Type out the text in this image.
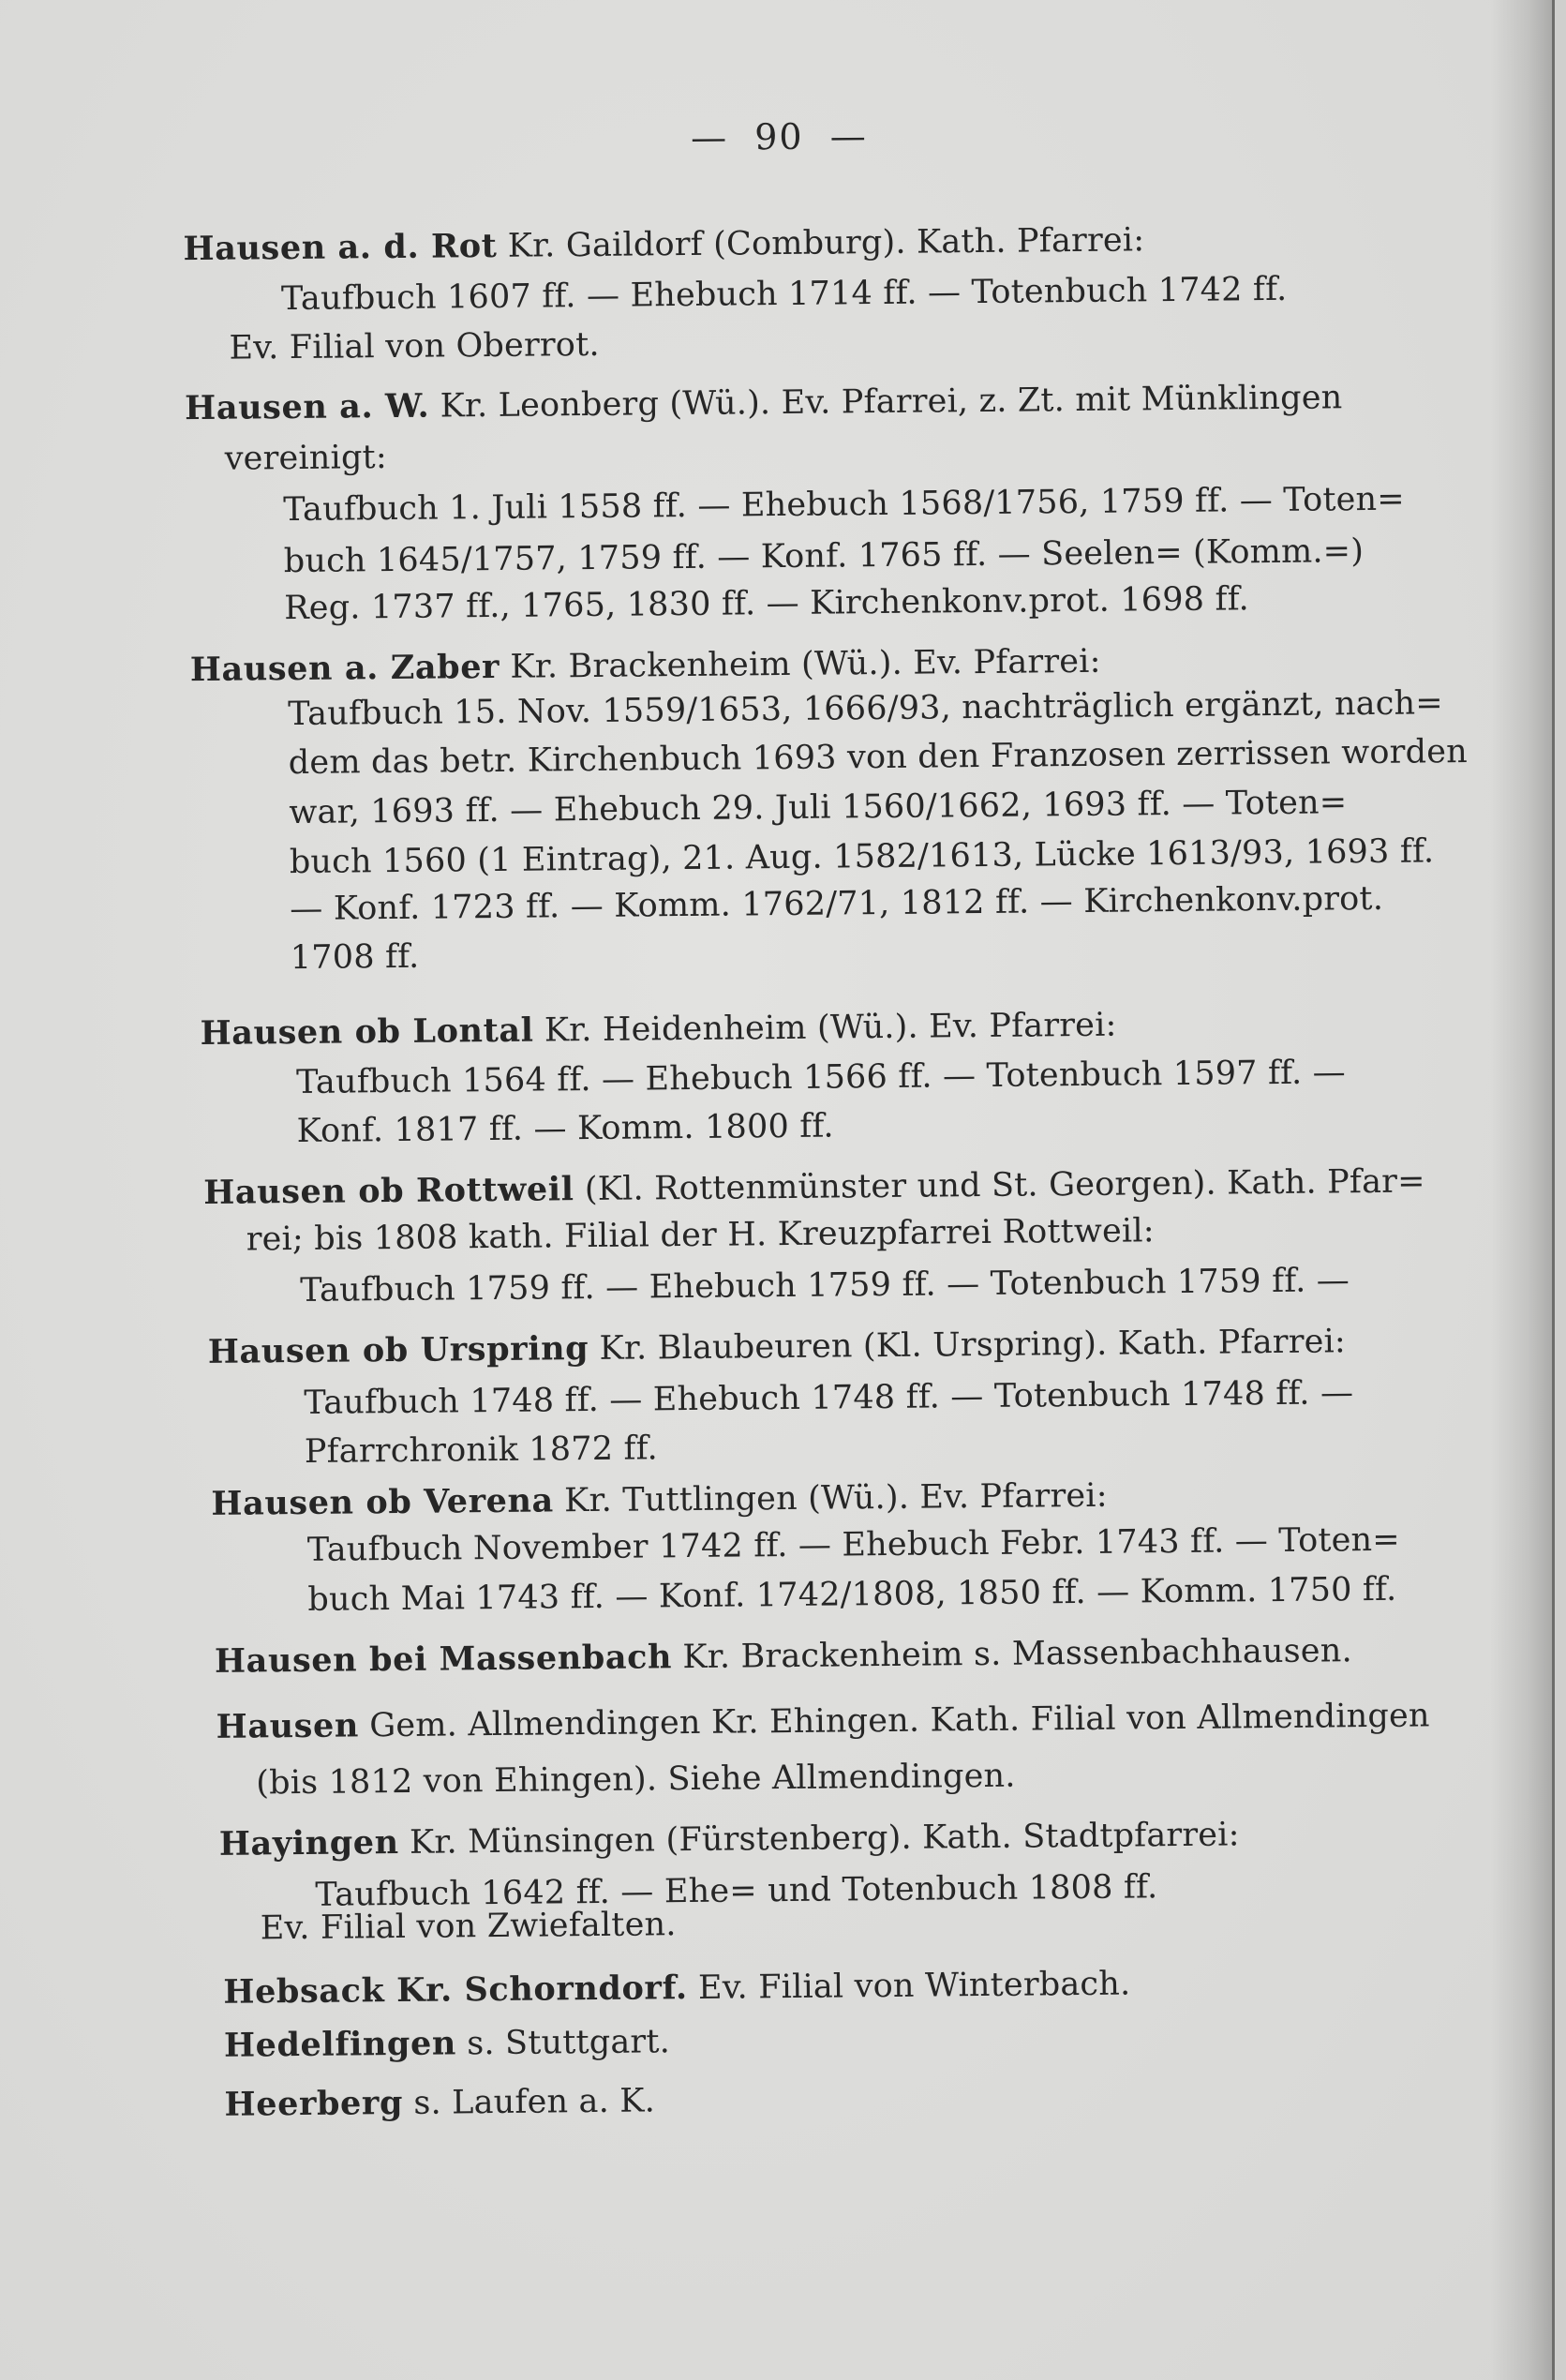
—  90  —
Hausen a. d. Rot Kr. Gaildorf (Comburg). Kath. Pfarrei:
Taufbuch 1607 ff. — Ehebuch 1714 ff. — Totenbuch 1742 ff.
Ev. Filial von Oberrot.
Hausen a. W. Kr. Leonberg (Wü.). Ev. Pfarrei, z. Zt. mit Münklingen
vereinigt:
Taufbuch 1. Juli 1558 ff. — Ehebuch 1568/1756, 1759 ff. — Toten=
buch 1645/1757, 1759 ff. — Konf. 1765 ff. — Seelen= (Komm.=)
Reg. 1737 ff., 1765, 1830 ff. — Kirchenkonv.prot. 1698 ff.
Hausen a. Zaber Kr. Brackenheim (Wü.). Ev. Pfarrei:
Taufbuch 15. Nov. 1559/1653, 1666/93, nachträglich ergänzt, nach=
dem das betr. Kirchenbuch 1693 von den Franzosen zerrissen worden
war, 1693 ff. — Ehebuch 29. Juli 1560/1662, 1693 ff. — Toten=
buch 1560 (1 Eintrag), 21. Aug. 1582/1613, Lücke 1613/93, 1693 ff.
— Konf. 1723 ff. — Komm. 1762/71, 1812 ff. — Kirchenkonv.prot.
1708 ff.
Hausen ob Lontal Kr. Heidenheim (Wü.). Ev. Pfarrei:
Taufbuch 1564 ff. — Ehebuch 1566 ff. — Totenbuch 1597 ff. —
Konf. 1817 ff. — Komm. 1800 ff.
Hausen ob Rottweil (Kl. Rottenmünster und St. Georgen). Kath. Pfar=
rei; bis 1808 kath. Filial der H. Kreuzpfarrei Rottweil:
Taufbuch 1759 ff. — Ehebuch 1759 ff. — Totenbuch 1759 ff. —
Hausen ob Urspring Kr. Blaubeuren (Kl. Urspring). Kath. Pfarrei:
Taufbuch 1748 ff. — Ehebuch 1748 ff. — Totenbuch 1748 ff. —
Pfarrchronik 1872 ff.
Hausen ob Verena Kr. Tuttlingen (Wü.). Ev. Pfarrei:
Taufbuch November 1742 ff. — Ehebuch Febr. 1743 ff. — Toten=
buch Mai 1743 ff. — Konf. 1742/1808, 1850 ff. — Komm. 1750 ff.
Hausen bei Massenbach Kr. Brackenheim s. Massenbachhausen.
Hausen Gem. Allmendingen Kr. Ehingen. Kath. Filial von Allmendingen
(bis 1812 von Ehingen). Siehe Allmendingen.
Hayingen Kr. Münsingen (Fürstenberg). Kath. Stadtpfarrei:
Taufbuch 1642 ff. — Ehe= und Totenbuch 1808 ff.
Ev. Filial von Zwiefalten.
Hebsack Kr. Schorndorf. Ev. Filial von Winterbach.
Hedelfingen s. Stuttgart.
Heerberg s. Laufen a. K.
